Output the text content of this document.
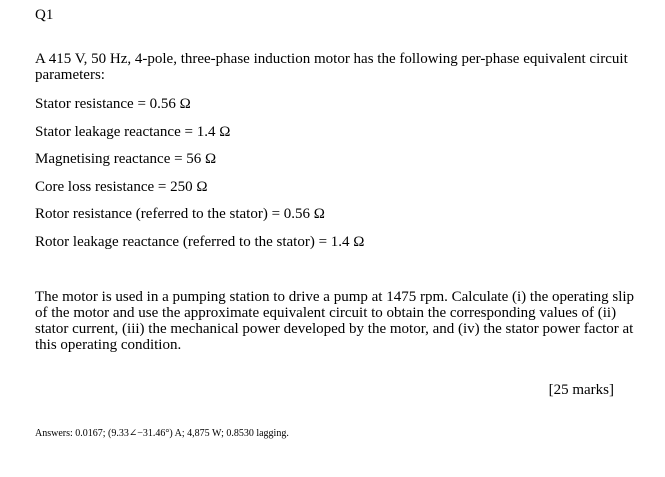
Q1
A 415 V, 50 Hz, 4-pole, three-phase induction motor has the following per-phase equivalent circuit parameters:
Stator resistance = 0.56 Ω
Stator leakage reactance = 1.4 Ω
Magnetising reactance = 56 Ω
Core loss resistance = 250 Ω
Rotor resistance (referred to the stator) = 0.56 Ω
Rotor leakage reactance (referred to the stator) = 1.4 Ω
The motor is used in a pumping station to drive a pump at 1475 rpm. Calculate (i) the operating slip of the motor and use the approximate equivalent circuit to obtain the corresponding values of (ii) stator current, (iii) the mechanical power developed by the motor, and (iv) the stator power factor at this operating condition.
[25 marks]
Answers: 0.0167; (9.33∠−31.46°) A; 4,875 W; 0.8530 lagging.
